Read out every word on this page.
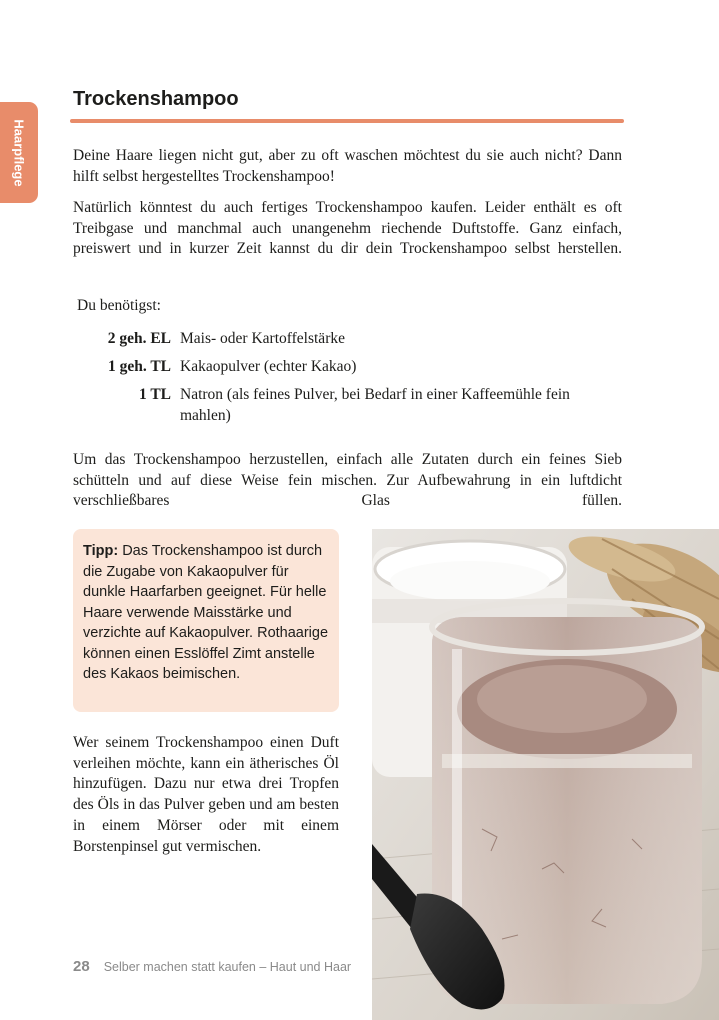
Haarpflege
Trockenshampoo

Deine Haare liegen nicht gut, aber zu oft waschen möchtest du sie auch nicht? Dann hilft selbst hergestelltes Trockenshampoo!

Natürlich könntest du auch fertiges Trockenshampoo kaufen. Leider enthält es oft Treibgase und manchmal auch unangenehm riechende Duftstoffe. Ganz einfach, preiswert und in kurzer Zeit kannst du dir dein Trockenshampoo selbst herstellen.

Du benötigst:

2 geh. EL Mais- oder Kartoffelstärke
1 geh. TL Kakaopulver (echter Kakao)
1 TL Natron (als feines Pulver, bei Bedarf in einer Kaffeemühle fein mahlen)

Um das Trockenshampoo herzustellen, einfach alle Zutaten durch ein feines Sieb schütteln und auf diese Weise fein mischen. Zur Aufbewahrung in ein luftdicht verschließbares Glas füllen.

Tipp: Das Trockenshampoo ist durch die Zugabe von Kakaopulver für dunkle Haarfarben geeignet. Für helle Haare verwende Maisstärke und verzichte auf Kakaopulver. Rothaarige können einen Esslöffel Zimt anstelle des Kakaos beimischen.

Wer seinem Trockenshampoo einen Duft verleihen möchte, kann ein ätherisches Öl hinzufügen. Dazu nur etwa drei Tropfen des Öls in das Pulver geben und am besten in einem Mörser oder mit einem Borstenpinsel gut vermischen.

28 Selber machen statt kaufen – Haut und Haar
